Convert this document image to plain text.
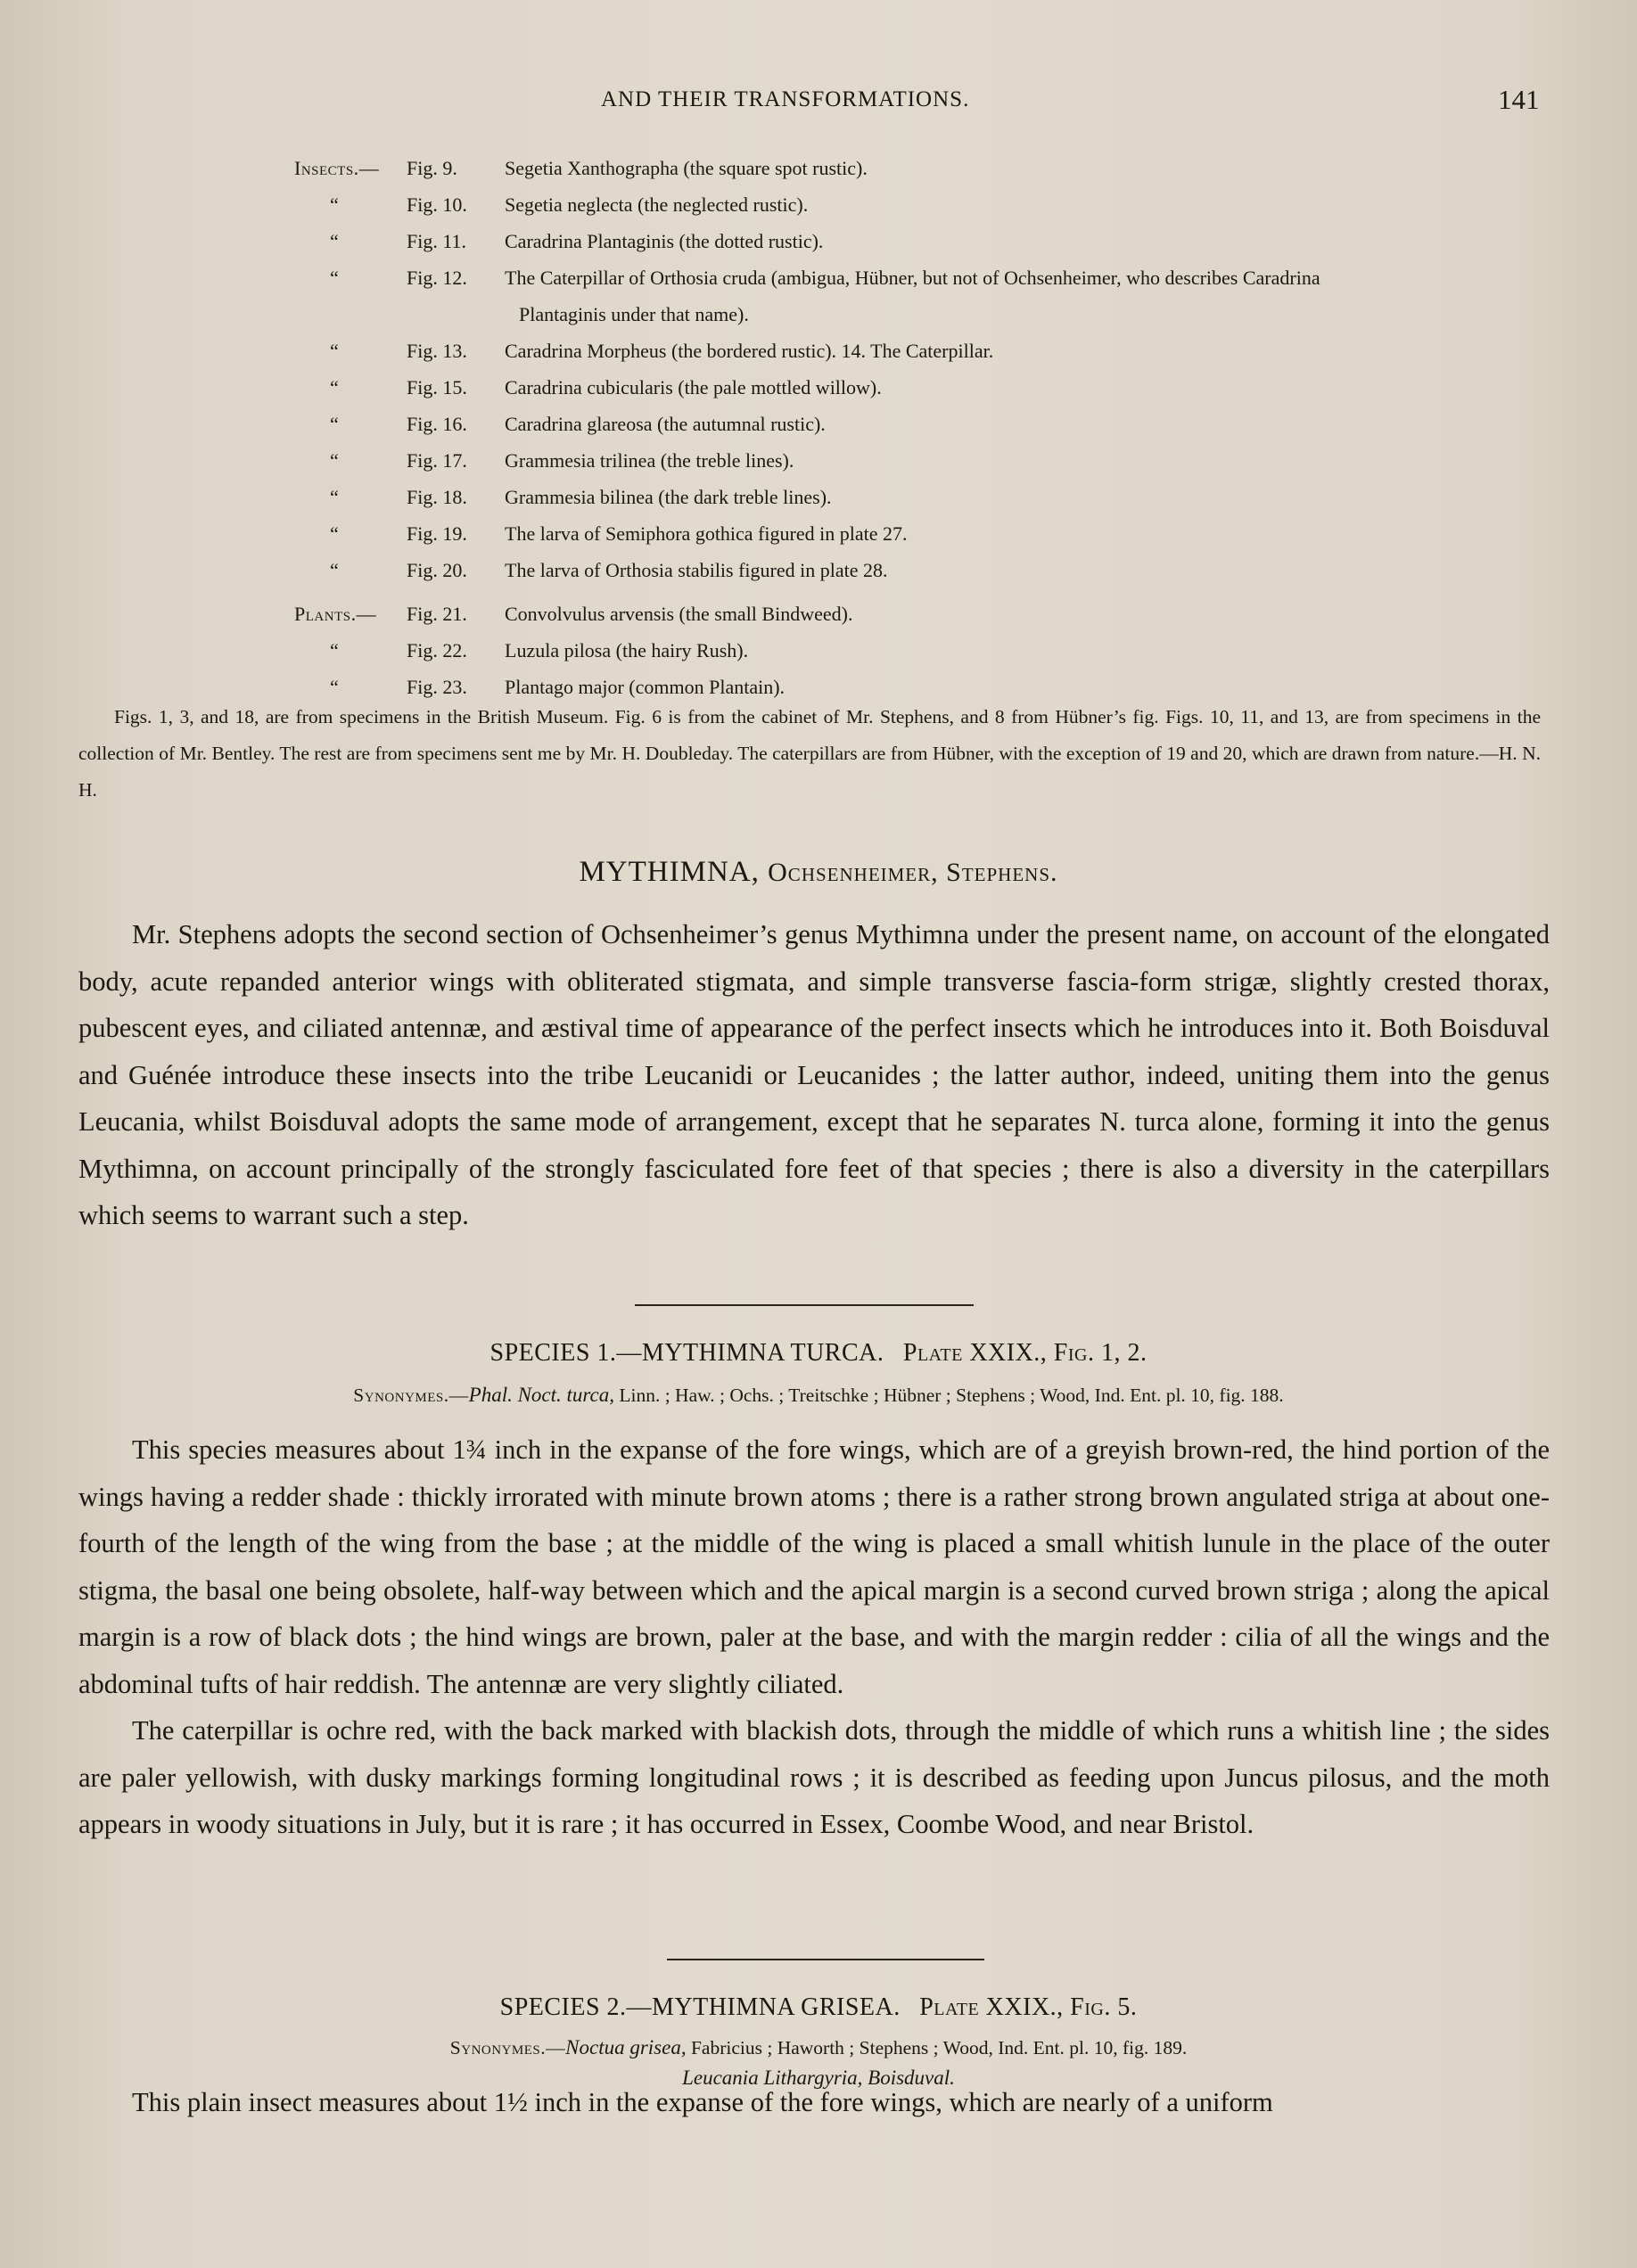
AND THEIR TRANSFORMATIONS.	141
Insects.— Fig. 9. Segetia Xanthographa (the square spot rustic).
“	Fig. 10. Segetia neglecta (the neglected rustic).
“	Fig. 11. Caradrina Plantaginis (the dotted rustic).
“	Fig. 12. The Caterpillar of Orthosia cruda (ambigua, Hübner, but not of Ochsenheimer, who describes Caradrina
Plantaginis under that name).
“	Fig. 13. Caradrina Morpheus (the bordered rustic). 14. The Caterpillar.
“	Fig. 15. Caradrina cubicularis (the pale mottled willow).
“	Fig. 16. Caradrina glareosa (the autumnal rustic).
“	Fig. 17. Grammesia trilinea (the treble lines).
“	Fig. 18. Grammesia bilinea (the dark treble lines).
“	Fig. 19. The larva of Semiphora gothica figured in plate 27.
“	Fig. 20. The larva of Orthosia stabilis figured in plate 28.
Plants.— Fig. 21. Convolvulus arvensis (the small Bindweed).
“	Fig. 22. Luzula pilosa (the hairy Rush).
“	Fig. 23. Plantago major (common Plantain).

Figs. 1, 3, and 18, are from specimens in the British Museum. Fig. 6 is from the cabinet of Mr. Stephens, and 8 from Hübner’s fig. Figs. 10, 11, and 13, are from specimens in the collection of Mr. Bentley. The rest are from specimens sent me by Mr. H. Doubleday. The caterpillars are from Hübner, with the exception of 19 and 20, which are drawn from nature.—H. N. H.

MYTHIMNA, Ochsenheimer, Stephens.

Mr. Stephens adopts the second section of Ochsenheimer’s genus Mythimna under the present name, on account of the elongated body, acute repanded anterior wings with obliterated stigmata, and simple transverse fascia-form strigæ, slightly crested thorax, pubescent eyes, and ciliated antennæ, and æstival time of appearance of the perfect insects which he introduces into it. Both Boisduval and Guénée introduce these insects into the tribe Leucanidi or Leucanides ; the latter author, indeed, uniting them into the genus Leucania, whilst Boisduval adopts the same mode of arrangement, except that he separates N. turca alone, forming it into the genus Mythimna, on account principally of the strongly fasciculated fore feet of that species ; there is also a diversity in the caterpillars which seems to warrant such a step.

SPECIES 1.—MYTHIMNA TURCA. Plate XXIX., Fig. 1, 2.
Synonymes.—Phal. Noct. turca, Linn. ; Haw. ; Ochs. ; Treitschke ; Hübner ; Stephens ; Wood, Ind. Ent. pl. 10, fig. 188.

This species measures about 1¾ inch in the expanse of the fore wings, which are of a greyish brown-red, the hind portion of the wings having a redder shade : thickly irrorated with minute brown atoms ; there is a rather strong brown angulated striga at about one-fourth of the length of the wing from the base ; at the middle of the wing is placed a small whitish lunule in the place of the outer stigma, the basal one being obsolete, half-way between which and the apical margin is a second curved brown striga ; along the apical margin is a row of black dots ; the hind wings are brown, paler at the base, and with the margin redder : cilia of all the wings and the abdominal tufts of hair reddish. The antennæ are very slightly ciliated.

The caterpillar is ochre red, with the back marked with blackish dots, through the middle of which runs a whitish line ; the sides are paler yellowish, with dusky markings forming longitudinal rows ; it is described as feeding upon Juncus pilosus, and the moth appears in woody situations in July, but it is rare ; it has occurred in Essex, Coombe Wood, and near Bristol.

SPECIES 2.—MYTHIMNA GRISEA. Plate XXIX., Fig. 5.
Synonymes.—Noctua grisea, Fabricius ; Haworth ; Stephens ; Wood, Ind. Ent. pl. 10, fig. 189.
Leucania Lithargyria, Boisduval.

This plain insect measures about 1½ inch in the expanse of the fore wings, which are nearly of a uniform
